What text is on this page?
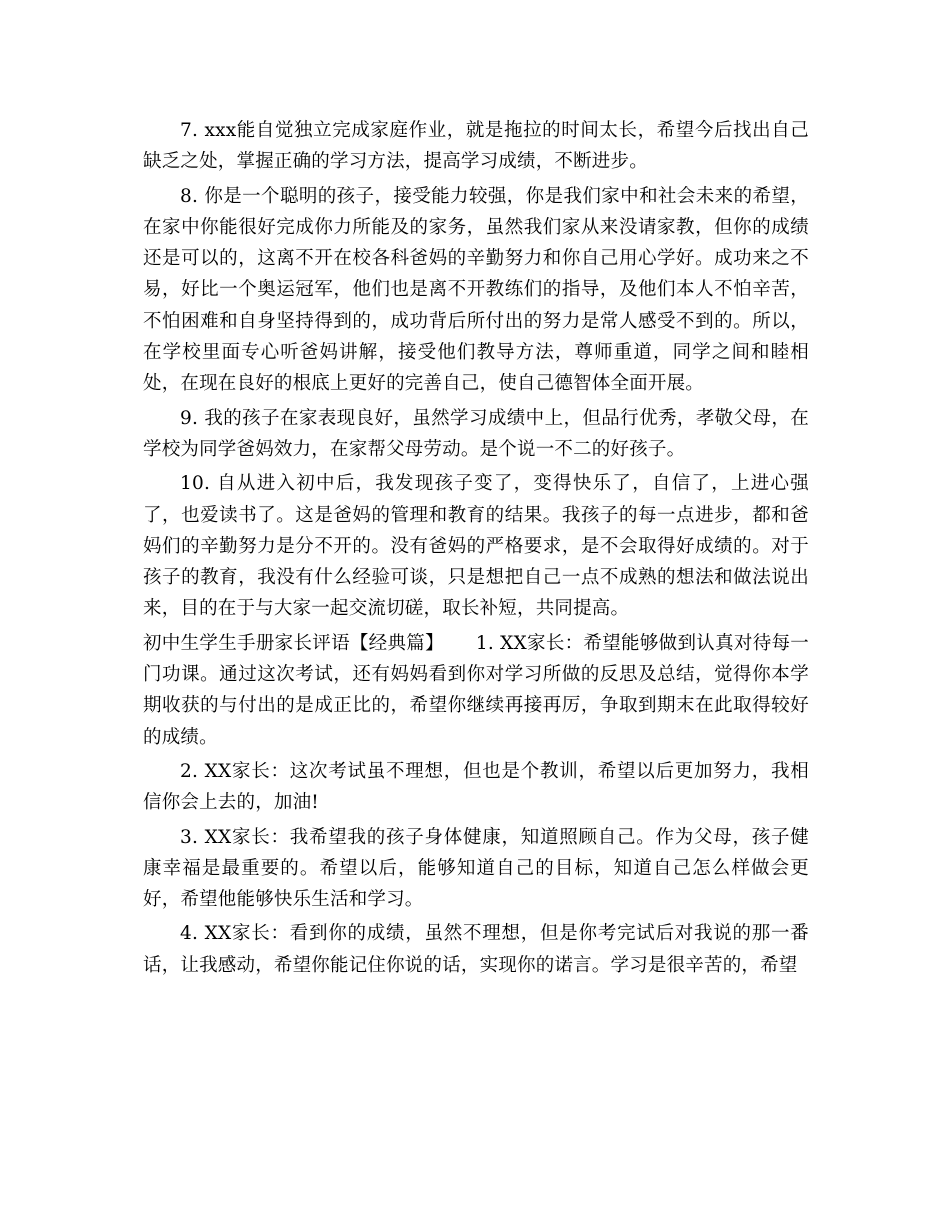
7. xxx能自觉独立完成家庭作业，就是拖拉的时间太长，希望今后找出自己缺乏之处，掌握正确的学习方法，提高学习成绩，不断进步。

8. 你是一个聪明的孩子，接受能力较强，你是我们家中和社会未来的希望，在家中你能很好完成你力所能及的家务，虽然我们家从来没请家教，但你的成绩还是可以的，这离不开在校各科爸妈的辛勤努力和你自己用心学好。成功来之不易，好比一个奥运冠军，他们也是离不开教练们的指导，及他们本人不怕辛苦，不怕困难和自身坚持得到的，成功背后所付出的努力是常人感受不到的。所以，在学校里面专心听爸妈讲解，接受他们教导方法，尊师重道，同学之间和睦相处，在现在良好的根底上更好的完善自己，使自己德智体全面开展。

9. 我的孩子在家表现良好，虽然学习成绩中上，但品行优秀，孝敬父母，在学校为同学爸妈效力，在家帮父母劳动。是个说一不二的好孩子。

10. 自从进入初中后，我发现孩子变了，变得快乐了，自信了，上进心强了，也爱读书了。这是爸妈的管理和教育的结果。我孩子的每一点进步，都和爸妈们的辛勤努力是分不开的。没有爸妈的严格要求，是不会取得好成绩的。对于孩子的教育，我没有什么经验可谈，只是想把自己一点不成熟的想法和做法说出来，目的在于与大家一起交流切磋，取长补短，共同提高。

初中生学生手册家长评语【经典篇】 1. XX家长：希望能够做到认真对待每一门功课。通过这次考试，还有妈妈看到你对学习所做的反思及总结，觉得你本学期收获的与付出的是成正比的，希望你继续再接再厉，争取到期末在此取得较好的成绩。

2. XX家长：这次考试虽不理想，但也是个教训，希望以后更加努力，我相信你会上去的，加油!

3. XX家长：我希望我的孩子身体健康，知道照顾自己。作为父母，孩子健康幸福是最重要的。希望以后，能够知道自己的目标，知道自己怎么样做会更好，希望他能够快乐生活和学习。

4. XX家长：看到你的成绩，虽然不理想，但是你考完试后对我说的那一番话，让我感动，希望你能记住你说的话，实现你的诺言。学习是很辛苦的，希望
